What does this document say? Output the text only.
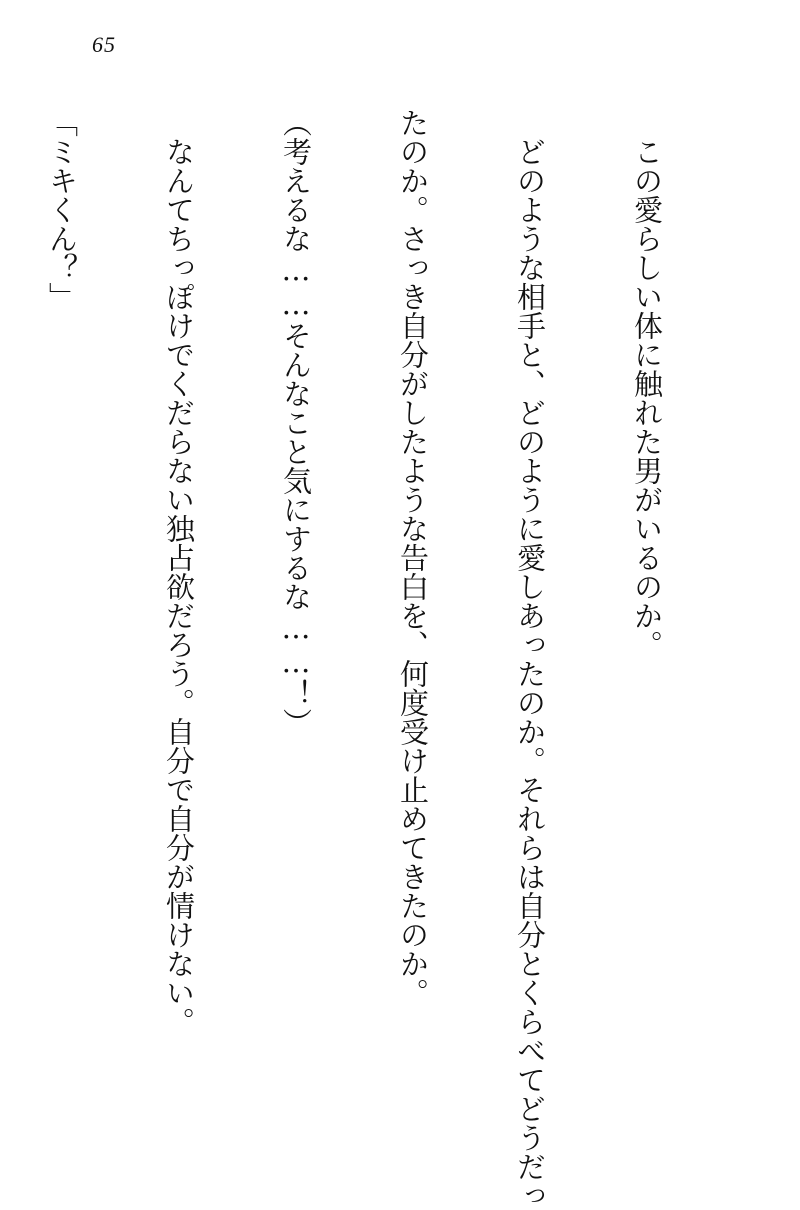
65

　この愛らしい体に触れた男がいるのか。

　どのような相手と、どのように愛しあったのか。それらは自分とくらべてどうだっ

たのか。さっき自分がしたような告白を、何度受け止めてきたのか。

（考えるな……そんなこと気にするな……！）

　なんてちっぽけでくだらない独占欲だろう。自分で自分が情けない。

「ミキくん？」
